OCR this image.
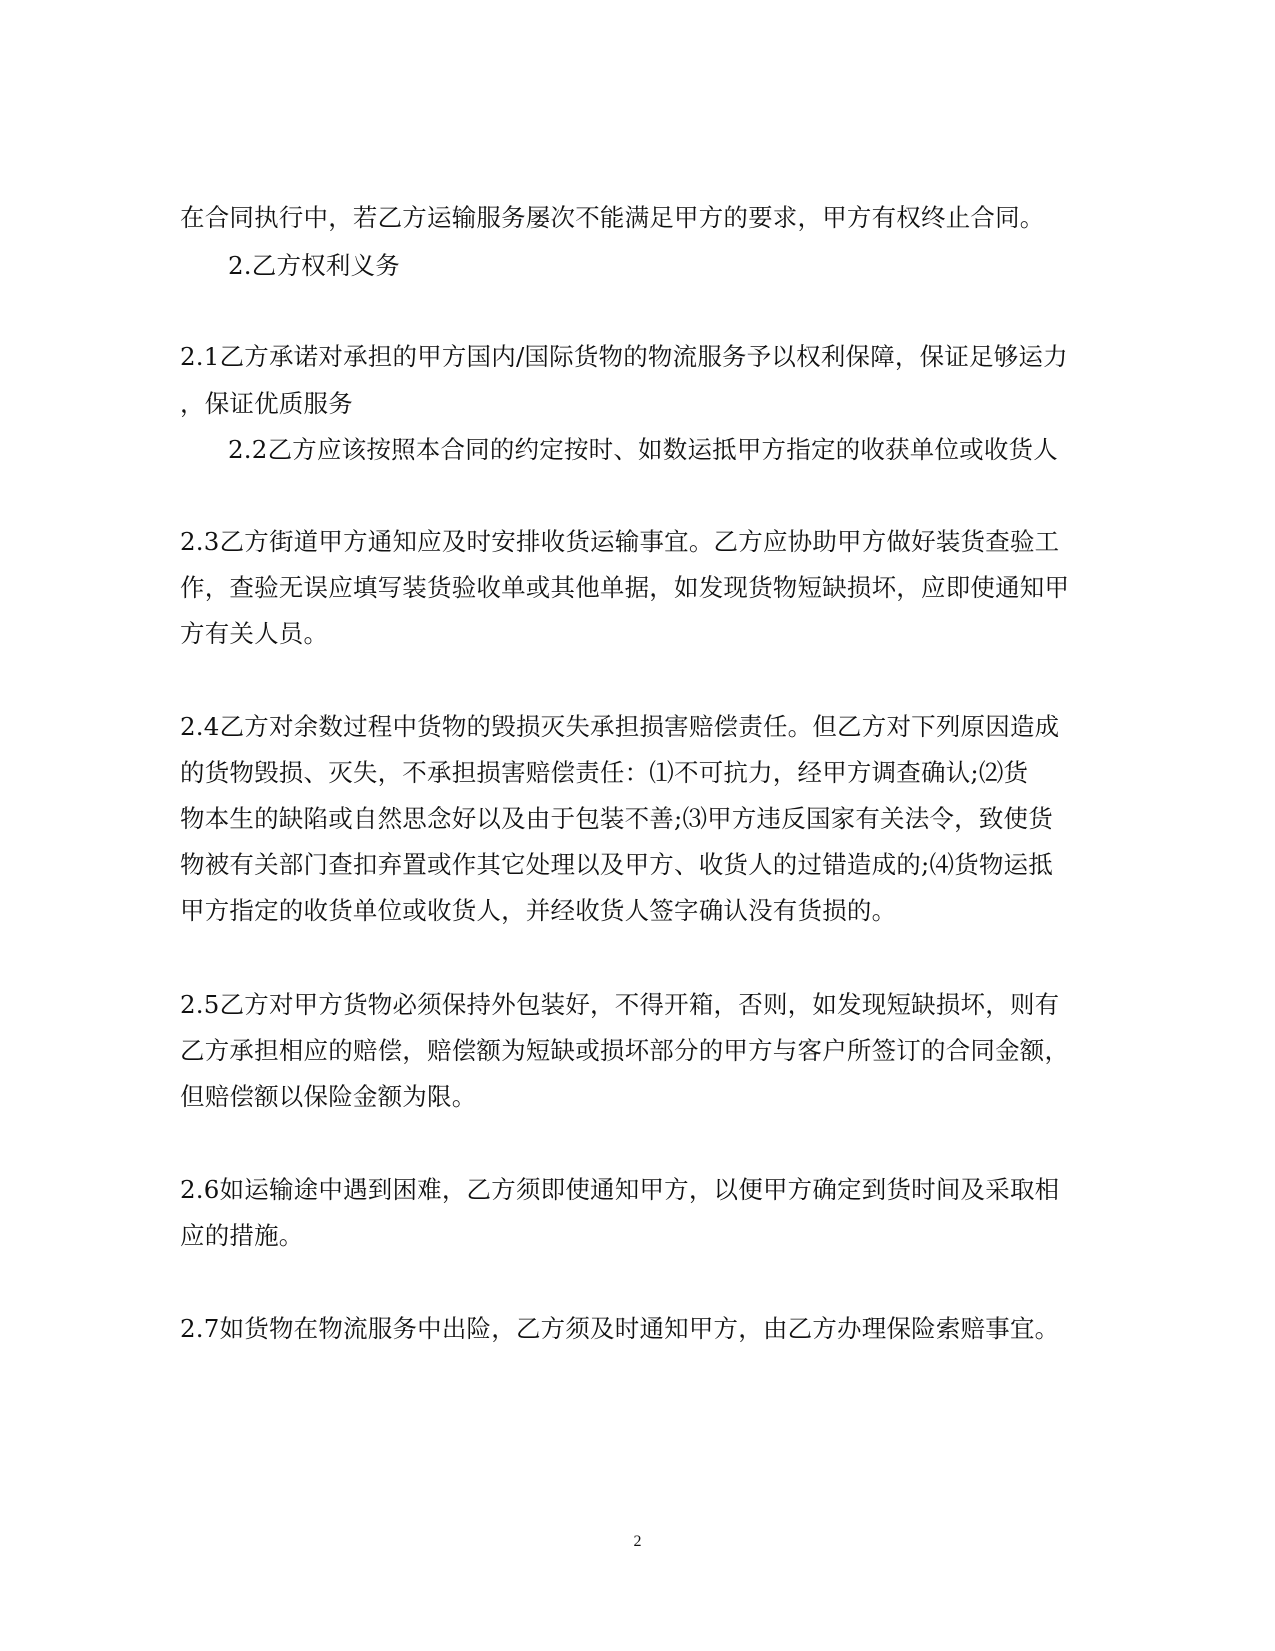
在合同执行中，若乙方运输服务屡次不能满足甲方的要求，甲方有权终止合同。
2.乙方权利义务
2.1乙方承诺对承担的甲方国内/国际货物的物流服务予以权利保障，保证足够运力
，保证优质服务
2.2乙方应该按照本合同的约定按时、如数运抵甲方指定的收获单位或收货人
2.3乙方街道甲方通知应及时安排收货运输事宜。乙方应协助甲方做好装货查验工
作，查验无误应填写装货验收单或其他单据，如发现货物短缺损坏，应即使通知甲
方有关人员。
2.4乙方对余数过程中货物的毁损灭失承担损害赔偿责任。但乙方对下列原因造成
的货物毁损、灭失，不承担损害赔偿责任：⑴不可抗力，经甲方调查确认;⑵货
物本生的缺陷或自然思念好以及由于包装不善;⑶甲方违反国家有关法令，致使货
物被有关部门查扣弃置或作其它处理以及甲方、收货人的过错造成的;⑷货物运抵
甲方指定的收货单位或收货人，并经收货人签字确认没有货损的。
2.5乙方对甲方货物必须保持外包装好，不得开箱，否则，如发现短缺损坏，则有
乙方承担相应的赔偿，赔偿额为短缺或损坏部分的甲方与客户所签订的合同金额，
但赔偿额以保险金额为限。
2.6如运输途中遇到困难，乙方须即使通知甲方，以便甲方确定到货时间及采取相
应的措施。
2.7如货物在物流服务中出险，乙方须及时通知甲方，由乙方办理保险索赔事宜。
2
